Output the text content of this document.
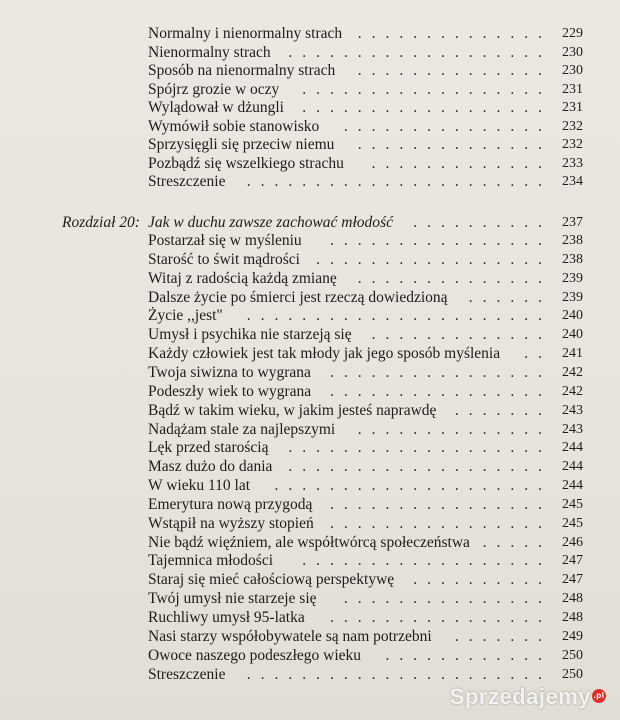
Normalny i nienormalny strach	.............. 229
Nienormalny strach	................... 230
Sposób na nienormalny strach	.............. 230
Spójrz grozie w oczy	.................. 231
Wylądował w dżungli	.................. 231
Wymówił sobie stanowisko	............... 232
Sprzysięgli się przeciw niemu	.............. 232
Pozbądź się wszelkiego strachu	............. 233
Streszczenie	...................... 234
Rozdział 20: Jak w duchu zawsze zachować młodość	.......... 237
Postarzał się w myśleniu	................ 238
Starość to świt mądrości	................. 238
Witaj z radością każdą zmianę	.............. 239
Dalsze życie po śmierci jest rzeczą dowiedzioną	...... 239
Życie ,,jest"	...................... 240
Umysł i psychika nie starzeją się	............. 240
Każdy człowiek jest tak młody jak jego sposób myślenia	.. 241
Twoja siwizna to wygrana	................ 242
Podeszły wiek to wygrana	................ 242
Bądź w takim wieku, w jakim jesteś naprawdę	....... 243
Nadążam stale za najlepszymi	.............. 243
Lęk przed starością	................... 244
Masz dużo do dania	................... 244
W wieku 110 lat	.................... 244
Emerytura nową przygodą	................ 245
Wstąpił na wyższy stopień	................ 245
Nie bądź więźniem, ale współtwórcą społeczeństwa ..... 246
Tajemnica młodości	.................. 247
Staraj się mieć całościową perspektywę	.......... 247
Twój umysł nie starzeje się	............... 248
Ruchliwy umysł 95-latka	................ 248
Nasi starzy współobywatele są nam potrzebni	....... 249
Owoce naszego podeszłego wieku	............ 250
Streszczenie	...................... 250
Sprzedajemy .pl
